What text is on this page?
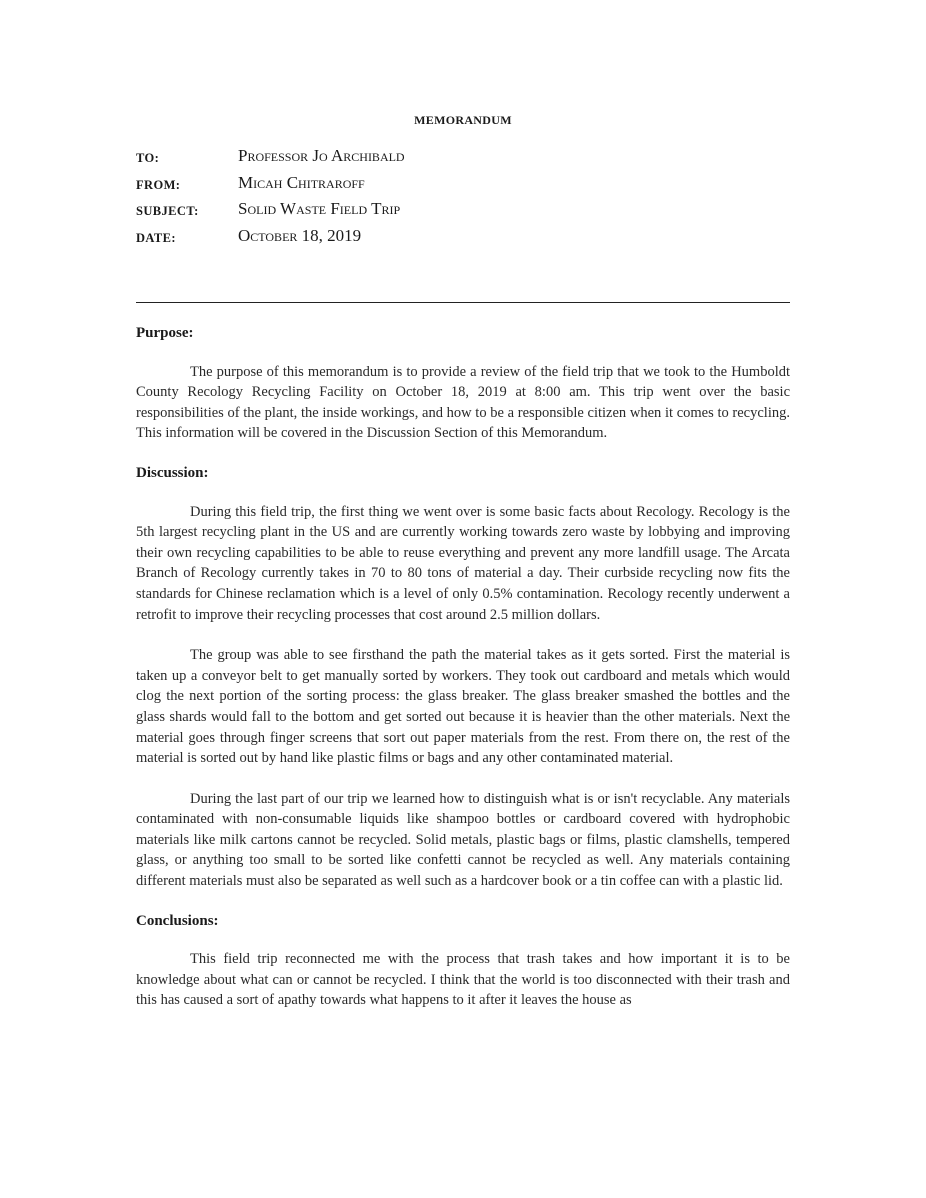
MEMORANDUM
TO:	Professor Jo Archibald
FROM:	Micah Chitraroff
SUBJECT: Solid Waste Field Trip
DATE:	October 18, 2019
Purpose:

The purpose of this memorandum is to provide a review of the field trip that we took to the Humboldt County Recology Recycling Facility on October 18, 2019 at 8:00 am. This trip went over the basic responsibilities of the plant, the inside workings, and how to be a responsible citizen when it comes to recycling. This information will be covered in the Discussion Section of this Memorandum.

Discussion:

During this field trip, the first thing we went over is some basic facts about Recology. Recology is the 5th largest recycling plant in the US and are currently working towards zero waste by lobbying and improving their own recycling capabilities to be able to reuse everything and prevent any more landfill usage. The Arcata Branch of Recology currently takes in 70 to 80 tons of material a day. Their curbside recycling now fits the standards for Chinese reclamation which is a level of only 0.5% contamination. Recology recently underwent a retrofit to improve their recycling processes that cost around 2.5 million dollars.

The group was able to see firsthand the path the material takes as it gets sorted. First the material is taken up a conveyor belt to get manually sorted by workers. They took out cardboard and metals which would clog the next portion of the sorting process: the glass breaker. The glass breaker smashed the bottles and the glass shards would fall to the bottom and get sorted out because it is heavier than the other materials. Next the material goes through finger screens that sort out paper materials from the rest. From there on, the rest of the material is sorted out by hand like plastic films or bags and any other contaminated material.

During the last part of our trip we learned how to distinguish what is or isn't recyclable. Any materials contaminated with non-consumable liquids like shampoo bottles or cardboard covered with hydrophobic materials like milk cartons cannot be recycled. Solid metals, plastic bags or films, plastic clamshells, tempered glass, or anything too small to be sorted like confetti cannot be recycled as well. Any materials containing different materials must also be separated as well such as a hardcover book or a tin coffee can with a plastic lid.

Conclusions:

This field trip reconnected me with the process that trash takes and how important it is to be knowledge about what can or cannot be recycled. I think that the world is too disconnected with their trash and this has caused a sort of apathy towards what happens to it after it leaves the house as
